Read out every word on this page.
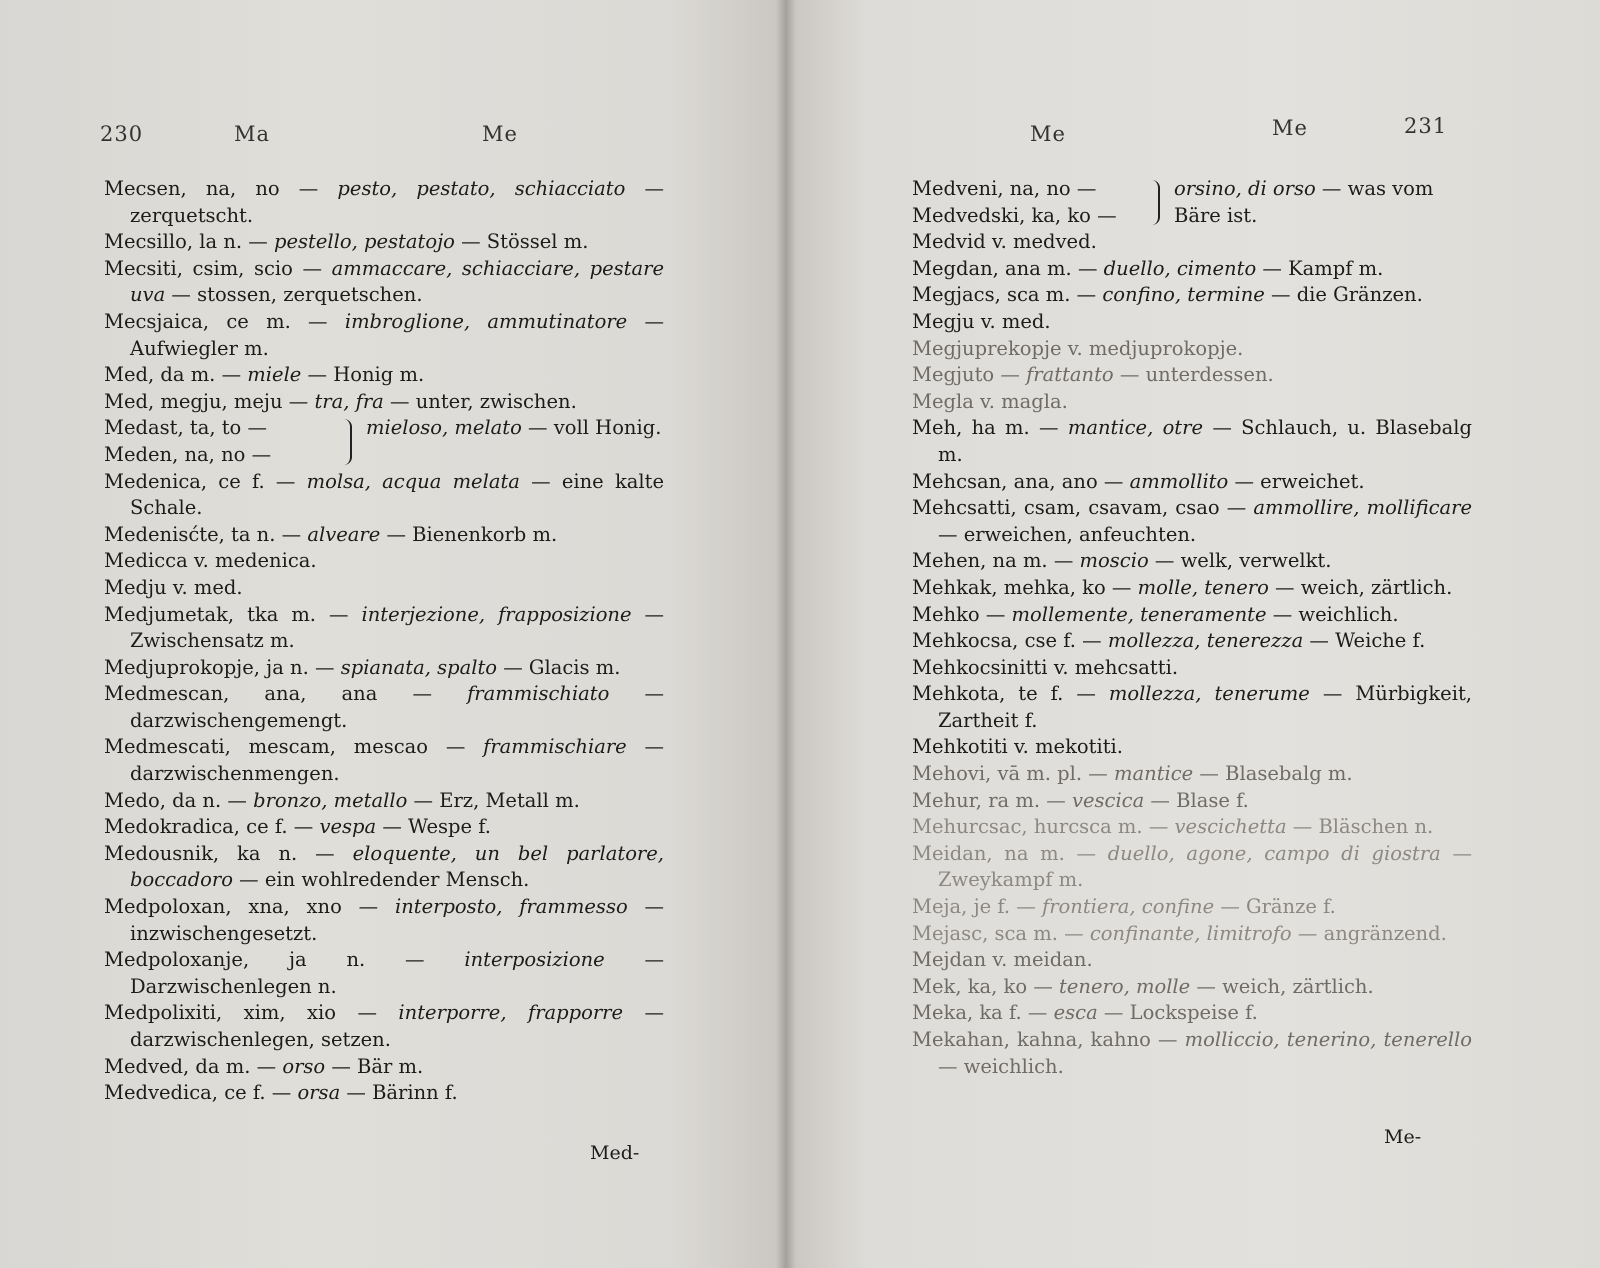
230	Ma	Me
Mecsen, na, no — pesto, pestato, schiacciato — zerquetscht.
Mecsillo, la n. — pestello, pestatojo — Stössel m.
Mecsiti, csim, scio — ammaccare, schiacciare, pestare uva — stossen, zerquetschen.
Mecsjaica, ce m. — imbroglione, ammutinatore — Aufwiegler m.
Med, da m. — miele — Honig m.
Med, megju, meju — tra, fra — unter, zwischen.
Medast, ta, to —
Meden, na, no —
mieloso, melato — voll Honig.
Medenica, ce f. — molsa, acqua melata — eine kalte Schale.
Medenisćte, ta n. — alveare — Bienenkorb m.
Medicca v. medenica.
Medju v. med.
Medjumetak, tka m. — interjezione, frapposizione — Zwischensatz m.
Medjuprokopje, ja n. — spianata, spalto — Glacis m.
Medmescan, ana, ana — frammischiato — darzwischengemengt.
Medmescati, mescam, mescao — frammischiare — darzwischenmengen.
Medo, da n. — bronzo, metallo — Erz, Metall m.
Medokradica, ce f. — vespa — Wespe f.
Medousnik, ka n. — eloquente, un bel parlatore, boccadoro — ein wohlredender Mensch.
Medpoloxan, xna, xno — interposto, frammesso — inzwischengesetzt.
Medpoloxanje, ja n. — interposizione — Darzwischenlegen n.
Medpolixiti, xim, xio — interporre, frapporre — darzwischenlegen, setzen.
Medved, da m. — orso — Bär m.
Medvedica, ce f. — orsa — Bärinn f.
Med-
Me	Me	231
Medveni, na, no —
Medvedski, ka, ko —
orsino, di orso — was vom Bäre ist.
Medvid v. medved.
Megdan, ana m. — duello, cimento — Kampf m.
Megjacs, sca m. — confino, termine — die Gränzen.
Megju v. med.
Megjuprekopje v. medjuprokopje.
Megjuto — frattanto — unterdessen.
Megla v. magla.
Meh, ha m. — mantice, otre — Schlauch, u. Blasebalg m.
Mehcsan, ana, ano — ammollito — erweichet.
Mehcsatti, csam, csavam, csao — ammollire, mollificare — erweichen, anfeuchten.
Mehen, na m. — moscio — welk, verwelkt.
Mehkak, mehka, ko — molle, tenero — weich, zärtlich.
Mehko — mollemente, teneramente — weichlich.
Mehkocsa, cse f. — mollezza, tenerezza — Weiche f.
Mehkocsinitti v. mehcsatti.
Mehkota, te f. — mollezza, tenerume — Mürbigkeit, Zartheit f.
Mehkotiti v. mekotiti.
Mehovi, vā m. pl. — mantice — Blasebalg m.
Mehur, ra m. — vescica — Blase f.
Mehurcsac, hurcsca m. — vescichetta — Bläschen n.
Meidan, na m. — duello, agone, campo di giostra — Zweykampf m.
Meja, je f. — frontiera, confine — Gränze f.
Mejasc, sca m. — confinante, limitrofo — angränzend.
Mejdan v. meidan.
Mek, ka, ko — tenero, molle — weich, zärtlich.
Meka, ka f. — esca — Lockspeise f.
Mekahan, kahna, kahno — molliccio, tenerino, tenerello — weichlich.
Me-
